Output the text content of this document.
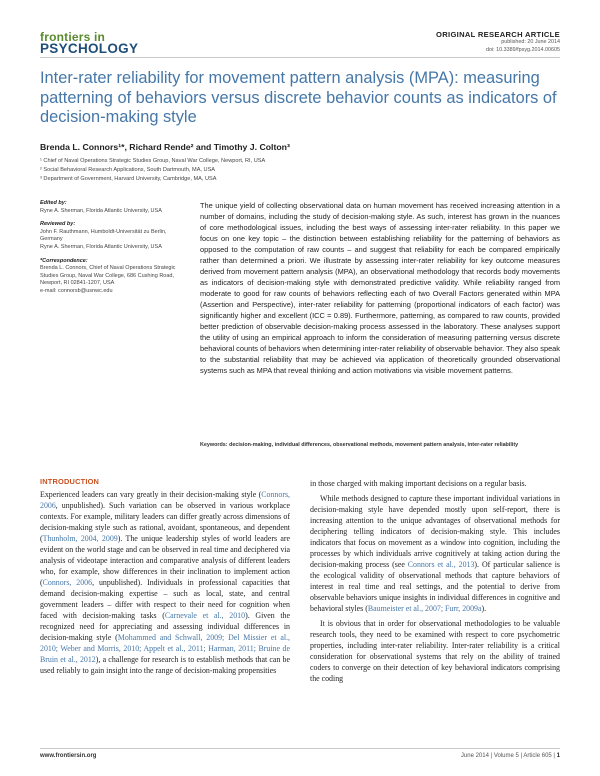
frontiers in
PSYCHOLOGY
ORIGINAL RESEARCH ARTICLE
published: 20 June 2014
doi: 10.3389/fpsyg.2014.00605
Inter-rater reliability for movement pattern analysis (MPA): measuring patterning of behaviors versus discrete behavior counts as indicators of decision-making style
Brenda L. Connors¹*, Richard Rende² and Timothy J. Colton³
¹ Chief of Naval Operations Strategic Studies Group, Naval War College, Newport, RI, USA
² Social Behavioral Research Applications, South Dartmouth, MA, USA
³ Department of Government, Harvard University, Cambridge, MA, USA

Edited by:
Ryne A. Sherman, Florida Atlantic University, USA

Reviewed by:
John F. Rauthmann, Humboldt-Universität zu Berlin, Germany
Ryne A. Sherman, Florida Atlantic University, USA

*Correspondence:
Brenda L. Connors, Chief of Naval Operations Strategic Studies Group, Naval War College, 686 Cushing Road, Newport, RI 02841-1207, USA
e-mail: connorsb@usnwc.edu

The unique yield of collecting observational data on human movement has received increasing attention in a number of domains, including the study of decision-making style. As such, interest has grown in the nuances of core methodological issues, including the best ways of assessing inter-rater reliability. In this paper we focus on one key topic – the distinction between establishing reliability for the patterning of behaviors as opposed to the computation of raw counts – and suggest that reliability for each be compared empirically rather than determined a priori. We illustrate by assessing inter-rater reliability for key outcome measures derived from movement pattern analysis (MPA), an observational methodology that records body movements as indicators of decision-making style with demonstrated predictive validity. While reliability ranged from moderate to good for raw counts of behaviors reflecting each of two Overall Factors generated within MPA (Assertion and Perspective), inter-rater reliability for patterning (proportional indicators of each factor) was significantly higher and excellent (ICC = 0.89). Furthermore, patterning, as compared to raw counts, provided better prediction of observable decision-making process assessed in the laboratory. These analyses support the utility of using an empirical approach to inform the consideration of measuring patterning versus discrete behavioral counts of behaviors when determining inter-rater reliability of observable behavior. They also speak to the substantial reliability that may be achieved via application of theoretically grounded observational systems such as MPA that reveal thinking and action motivations via visible movement patterns.
Keywords: decision-making, individual differences, observational methods, movement pattern analysis, inter-rater reliability
INTRODUCTION

Experienced leaders can vary greatly in their decision-making style (Connors, 2006, unpublished). Such variation can be observed in various workplace contexts. For example, military leaders can differ greatly across dimensions of decision-making style such as rational, avoidant, spontaneous, and dependent (Thunholm, 2004, 2009). The unique leadership styles of world leaders are evident on the world stage and can be observed in real time and deciphered via analysis of videotape interaction and comparative analysis of different leaders who, for example, show differences in their inclination to implement action (Connors, 2006, unpublished). Individuals in professional capacities that demand decision-making expertise – such as local, state, and central government leaders – differ with respect to their need for cognition when faced with decision-making tasks (Carnevale et al., 2010). Given the recognized need for appreciating and assessing individual differences in decision-making style (Mohammed and Schwall, 2009; Del Missier et al., 2010; Weber and Morris, 2010; Appelt et al., 2011; Harman, 2011; Bruine de Bruin et al., 2012), a challenge for research is to establish methods that can be used reliably to gain insight into the range of decision-making propensities

in those charged with making important decisions on a regular basis.

While methods designed to capture these important individual variations in decision-making style have depended mostly upon self-report, there is increasing attention to the unique advantages of observational methods for deciphering telling indicators of decision-making style. This includes indicators that focus on movement as a window into cognition, including the processes by which individuals arrive cognitively at taking action during the decision-making process (see Connors et al., 2013). Of particular salience is the ecological validity of observational methods that capture behaviors of interest in real time and real settings, and the potential to derive from observable behaviors unique insights in individual differences in cognitive and behavioral styles (Baumeister et al., 2007; Furr, 2009a).

It is obvious that in order for observational methodologies to be valuable research tools, they need to be examined with respect to core psychometric properties, including inter-rater reliability. Inter-rater reliability is a critical consideration for observational systems that rely on the ability of trained coders to converge on their detection of key behavioral indicators comprising the coding

www.frontiersin.org	June 2014 | Volume 5 | Article 605 | 1
